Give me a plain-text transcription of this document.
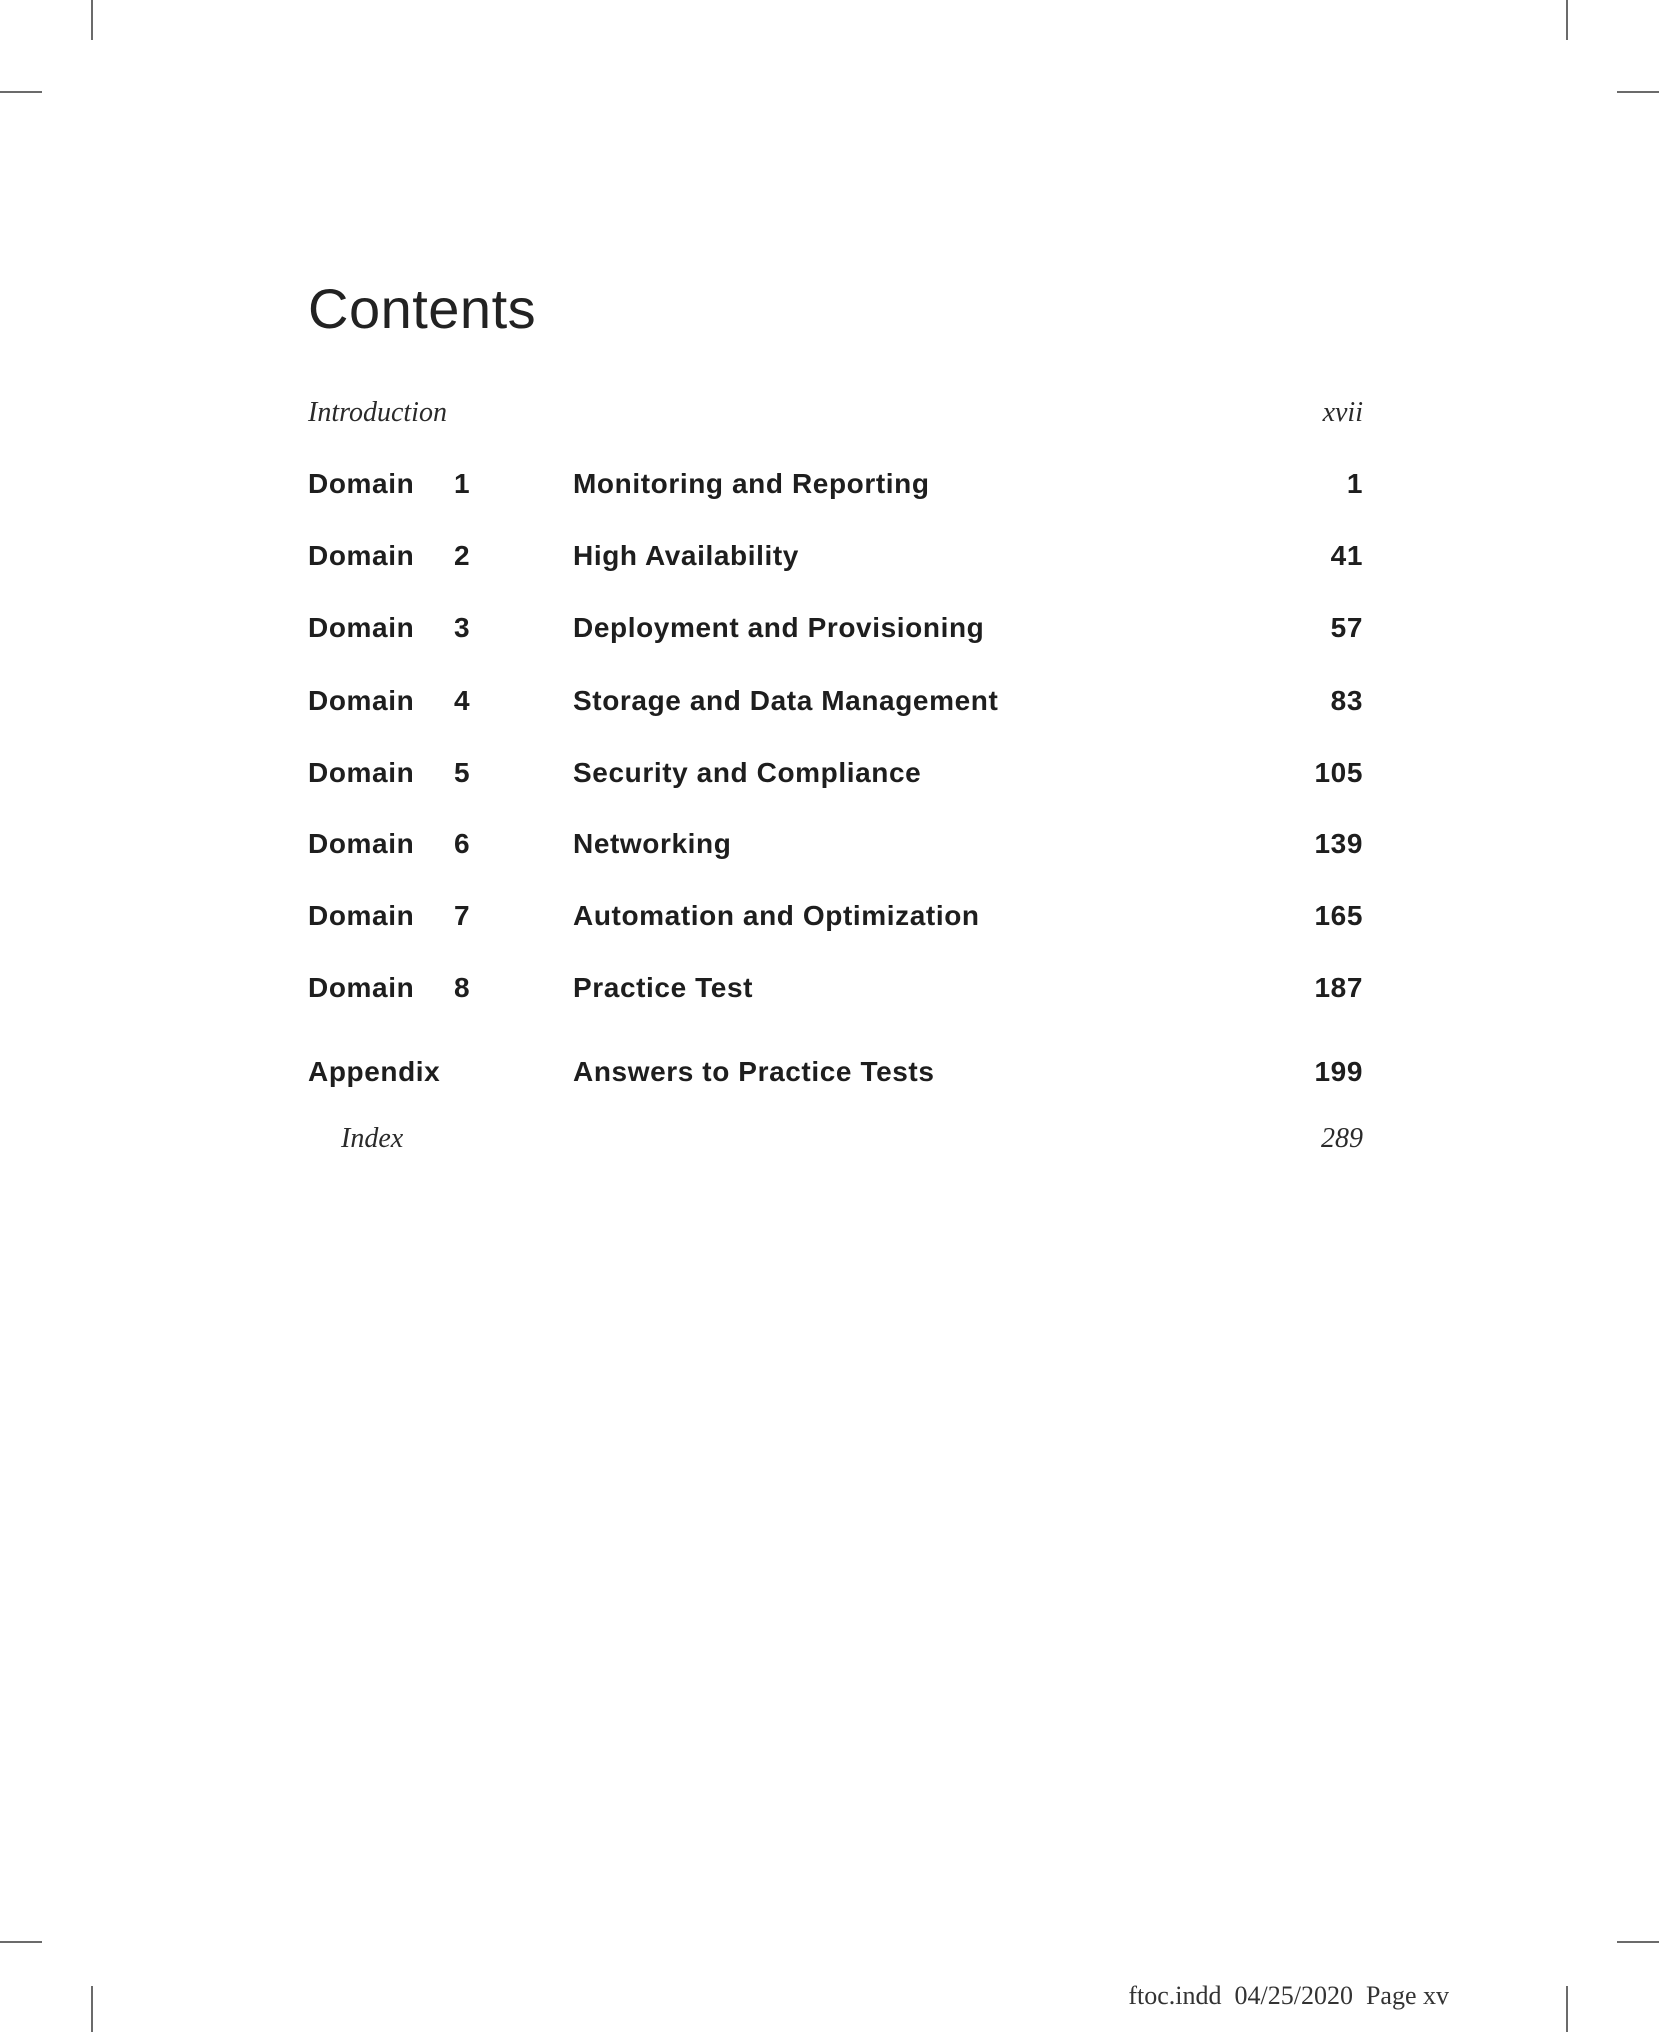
Contents
Introduction	xvii
Domain 1	Monitoring and Reporting	1
Domain 2	High Availability	41
Domain 3	Deployment and Provisioning	57
Domain 4	Storage and Data Management	83
Domain 5	Security and Compliance	105
Domain 6	Networking	139
Domain 7	Automation and Optimization	165
Domain 8	Practice Test	187
Appendix	Answers to Practice Tests	199
Index	289
ftoc.indd  04/25/2020  Page xv
